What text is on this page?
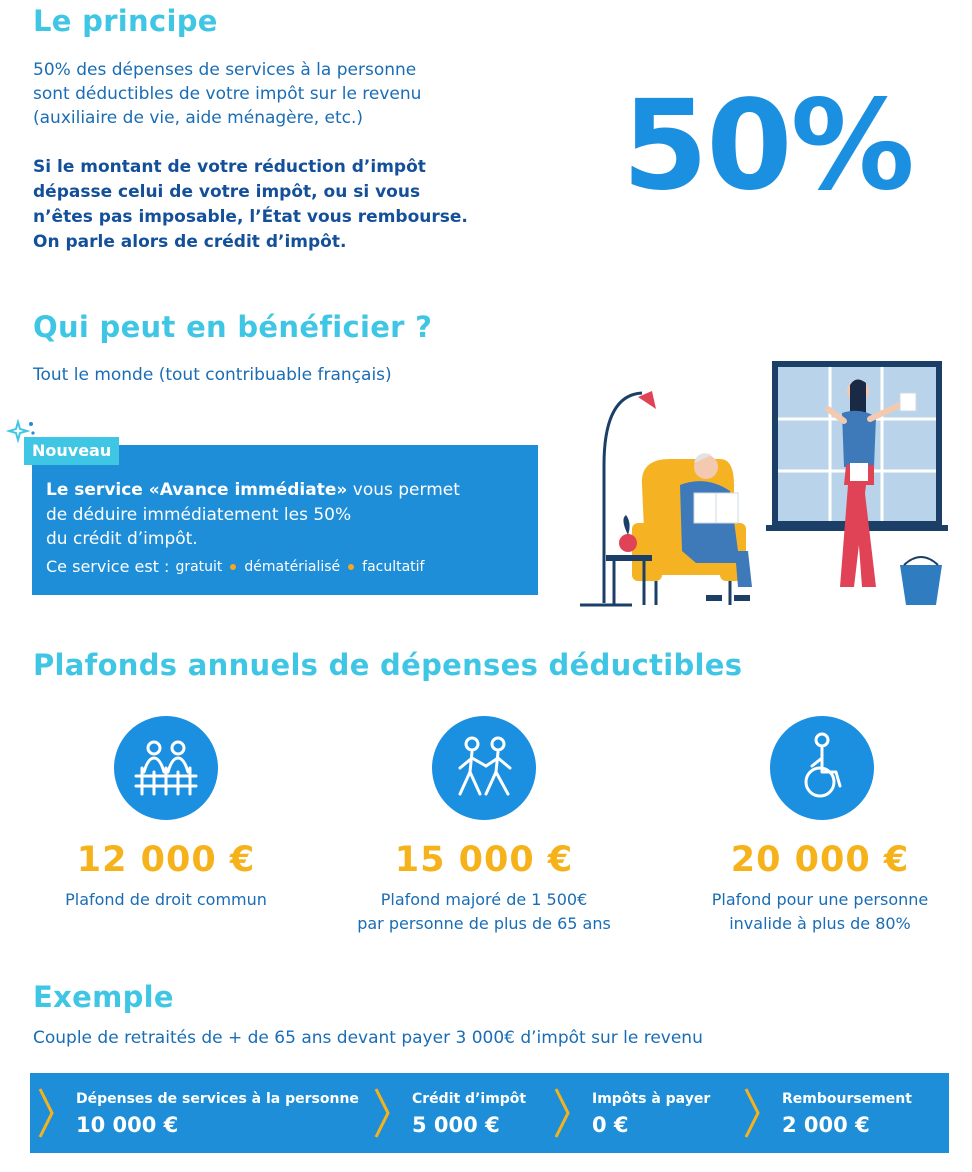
Le principe
50% des dépenses de services à la personne
sont déductibles de votre impôt sur le revenu
(auxiliaire de vie, aide ménagère, etc.)
Si le montant de votre réduction d’impôt
dépasse celui de votre impôt, ou si vous
n’êtes pas imposable, l’État vous rembourse.
On parle alors de crédit d’impôt.
50%
Qui peut en bénéficier ?
Tout le monde (tout contribuable français)
Nouveau
Le service «Avance immédiate» vous permet
de déduire immédiatement les 50%
du crédit d’impôt.
Ce service est : gratuit dématérialisé facultatif
Plafonds annuels de dépenses déductibles
12 000 €
Plafond de droit commun
15 000 €
Plafond majoré de 1 500€
par personne de plus de 65 ans
20 000 €
Plafond pour une personne
invalide à plus de 80%
Exemple
Couple de retraités de + de 65 ans devant payer 3 000€ d’impôt sur le revenu
Dépenses de services à la personne
10 000 €
Crédit d’impôt
5 000 €
Impôts à payer
0 €
Remboursement
2 000 €
